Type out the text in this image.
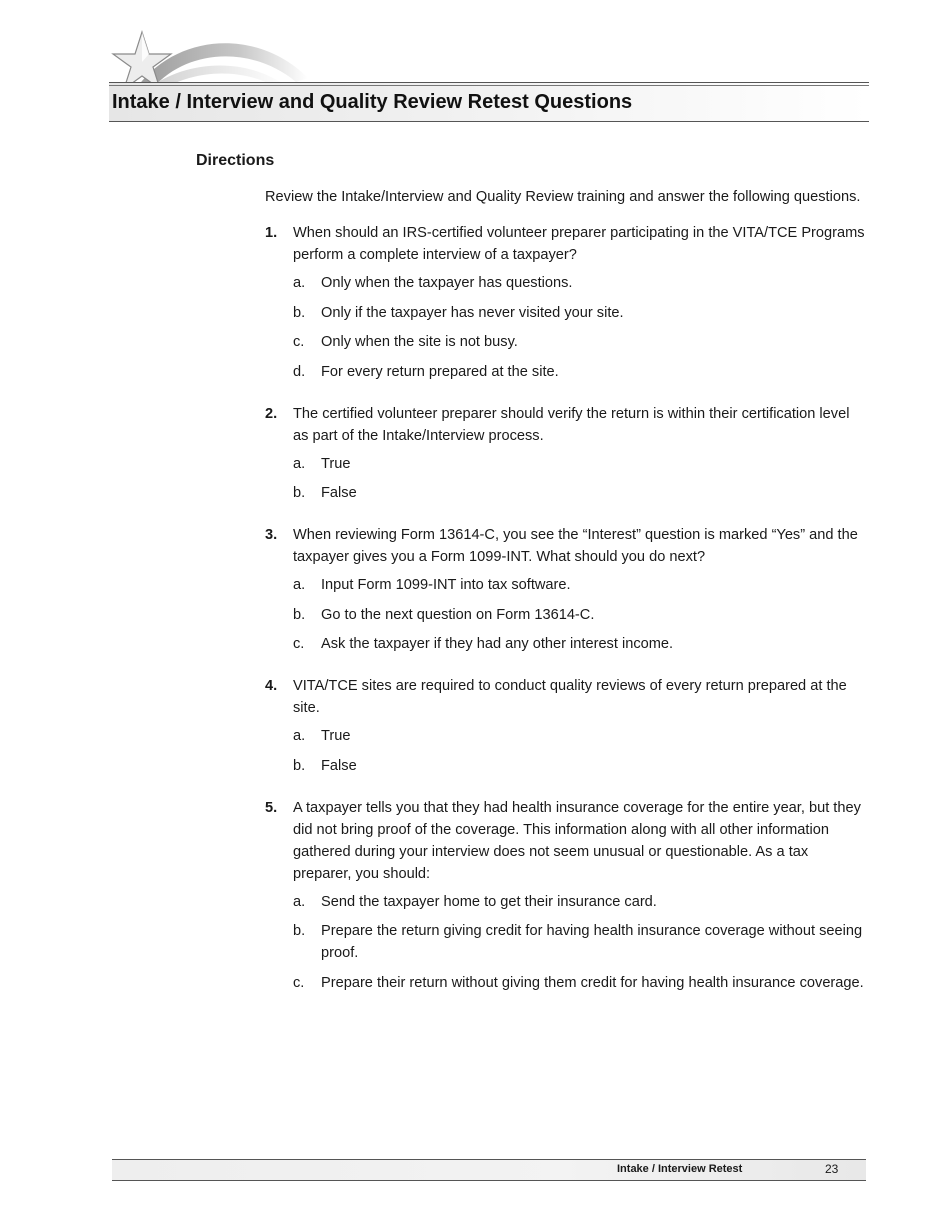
Intake / Interview and Quality Review Retest Questions
Directions

Review the Intake/Interview and Quality Review training and answer the following questions.

1. When should an IRS-certified volunteer preparer participating in the VITA/TCE Programs perform a complete interview of a taxpayer?

a. Only when the taxpayer has questions.
b. Only if the taxpayer has never visited your site.
c. Only when the site is not busy.
d. For every return prepared at the site.
2. The certified volunteer preparer should verify the return is within their certification level as part of the Intake/Interview process.

a. True
b. False
3. When reviewing Form 13614-C, you see the “Interest” question is marked “Yes” and the taxpayer gives you a Form 1099-INT. What should you do next?

a. Input Form 1099-INT into tax software.
b. Go to the next question on Form 13614-C.
c. Ask the taxpayer if they had any other interest income.
4. VITA/TCE sites are required to conduct quality reviews of every return prepared at the site.

a. True
b. False
5. A taxpayer tells you that they had health insurance coverage for the entire year, but they did not bring proof of the coverage. This information along with all other information gathered during your interview does not seem unusual or questionable. As a tax preparer, you should:

a. Send the taxpayer home to get their insurance card.
b. Prepare the return giving credit for having health insurance coverage without seeing proof.
c. Prepare their return without giving them credit for having health insurance coverage.
Intake / Interview Retest	23
